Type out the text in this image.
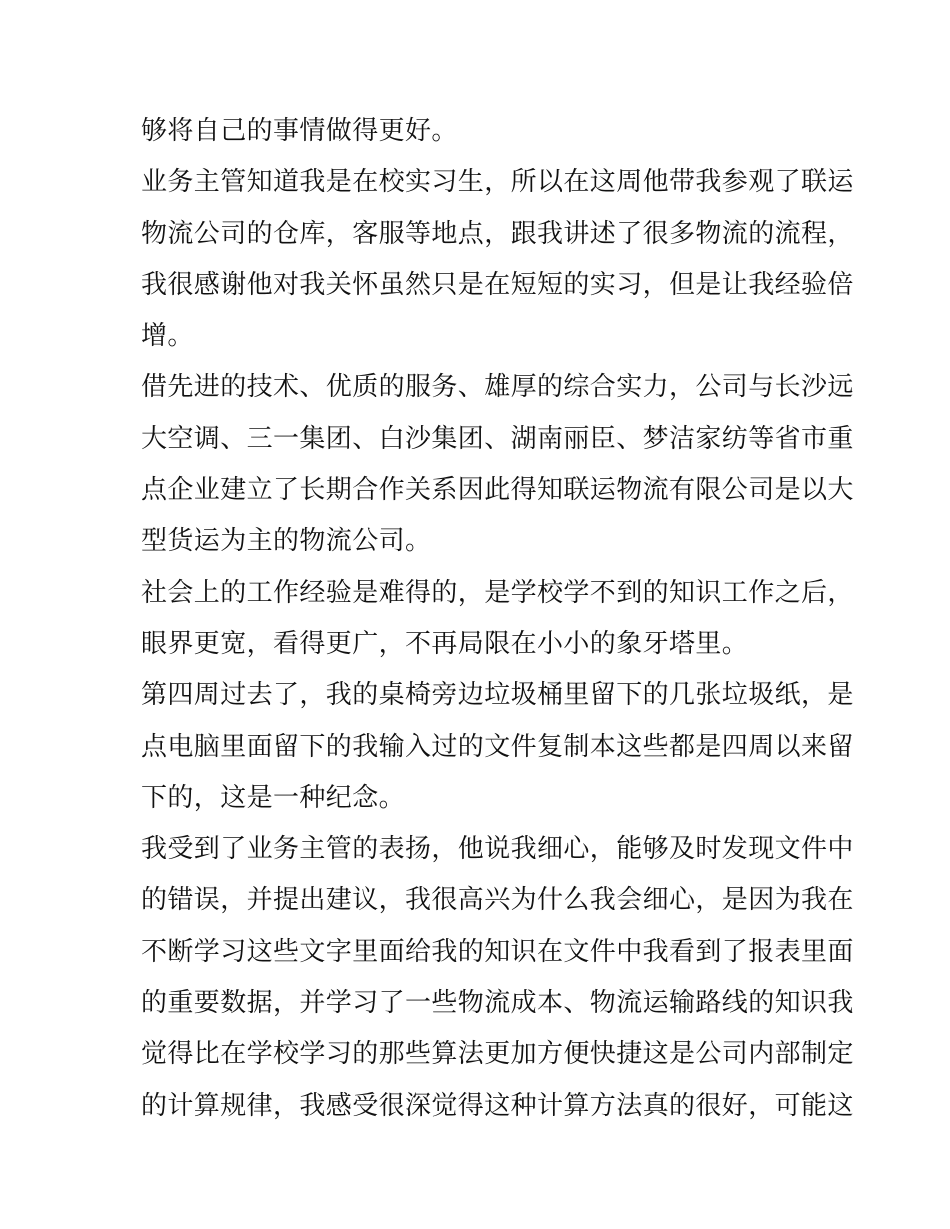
够将自己的事情做得更好。
业务主管知道我是在校实习生，所以在这周他带我参观了联运
物流公司的仓库，客服等地点，跟我讲述了很多物流的流程，
我很感谢他对我关怀虽然只是在短短的实习，但是让我经验倍
增。
借先进的技术、优质的服务、雄厚的综合实力，公司与长沙远
大空调、三一集团、白沙集团、湖南丽臣、梦洁家纺等省市重
点企业建立了长期合作关系因此得知联运物流有限公司是以大
型货运为主的物流公司。
社会上的工作经验是难得的，是学校学不到的知识工作之后，
眼界更宽，看得更广，不再局限在小小的象牙塔里。
第四周过去了，我的桌椅旁边垃圾桶里留下的几张垃圾纸，是
点电脑里面留下的我输入过的文件复制本这些都是四周以来留
下的，这是一种纪念。
我受到了业务主管的表扬，他说我细心，能够及时发现文件中
的错误，并提出建议，我很高兴为什么我会细心，是因为我在
不断学习这些文字里面给我的知识在文件中我看到了报表里面
的重要数据，并学习了一些物流成本、物流运输路线的知识我
觉得比在学校学习的那些算法更加方便快捷这是公司内部制定
的计算规律，我感受很深觉得这种计算方法真的很好，可能这
